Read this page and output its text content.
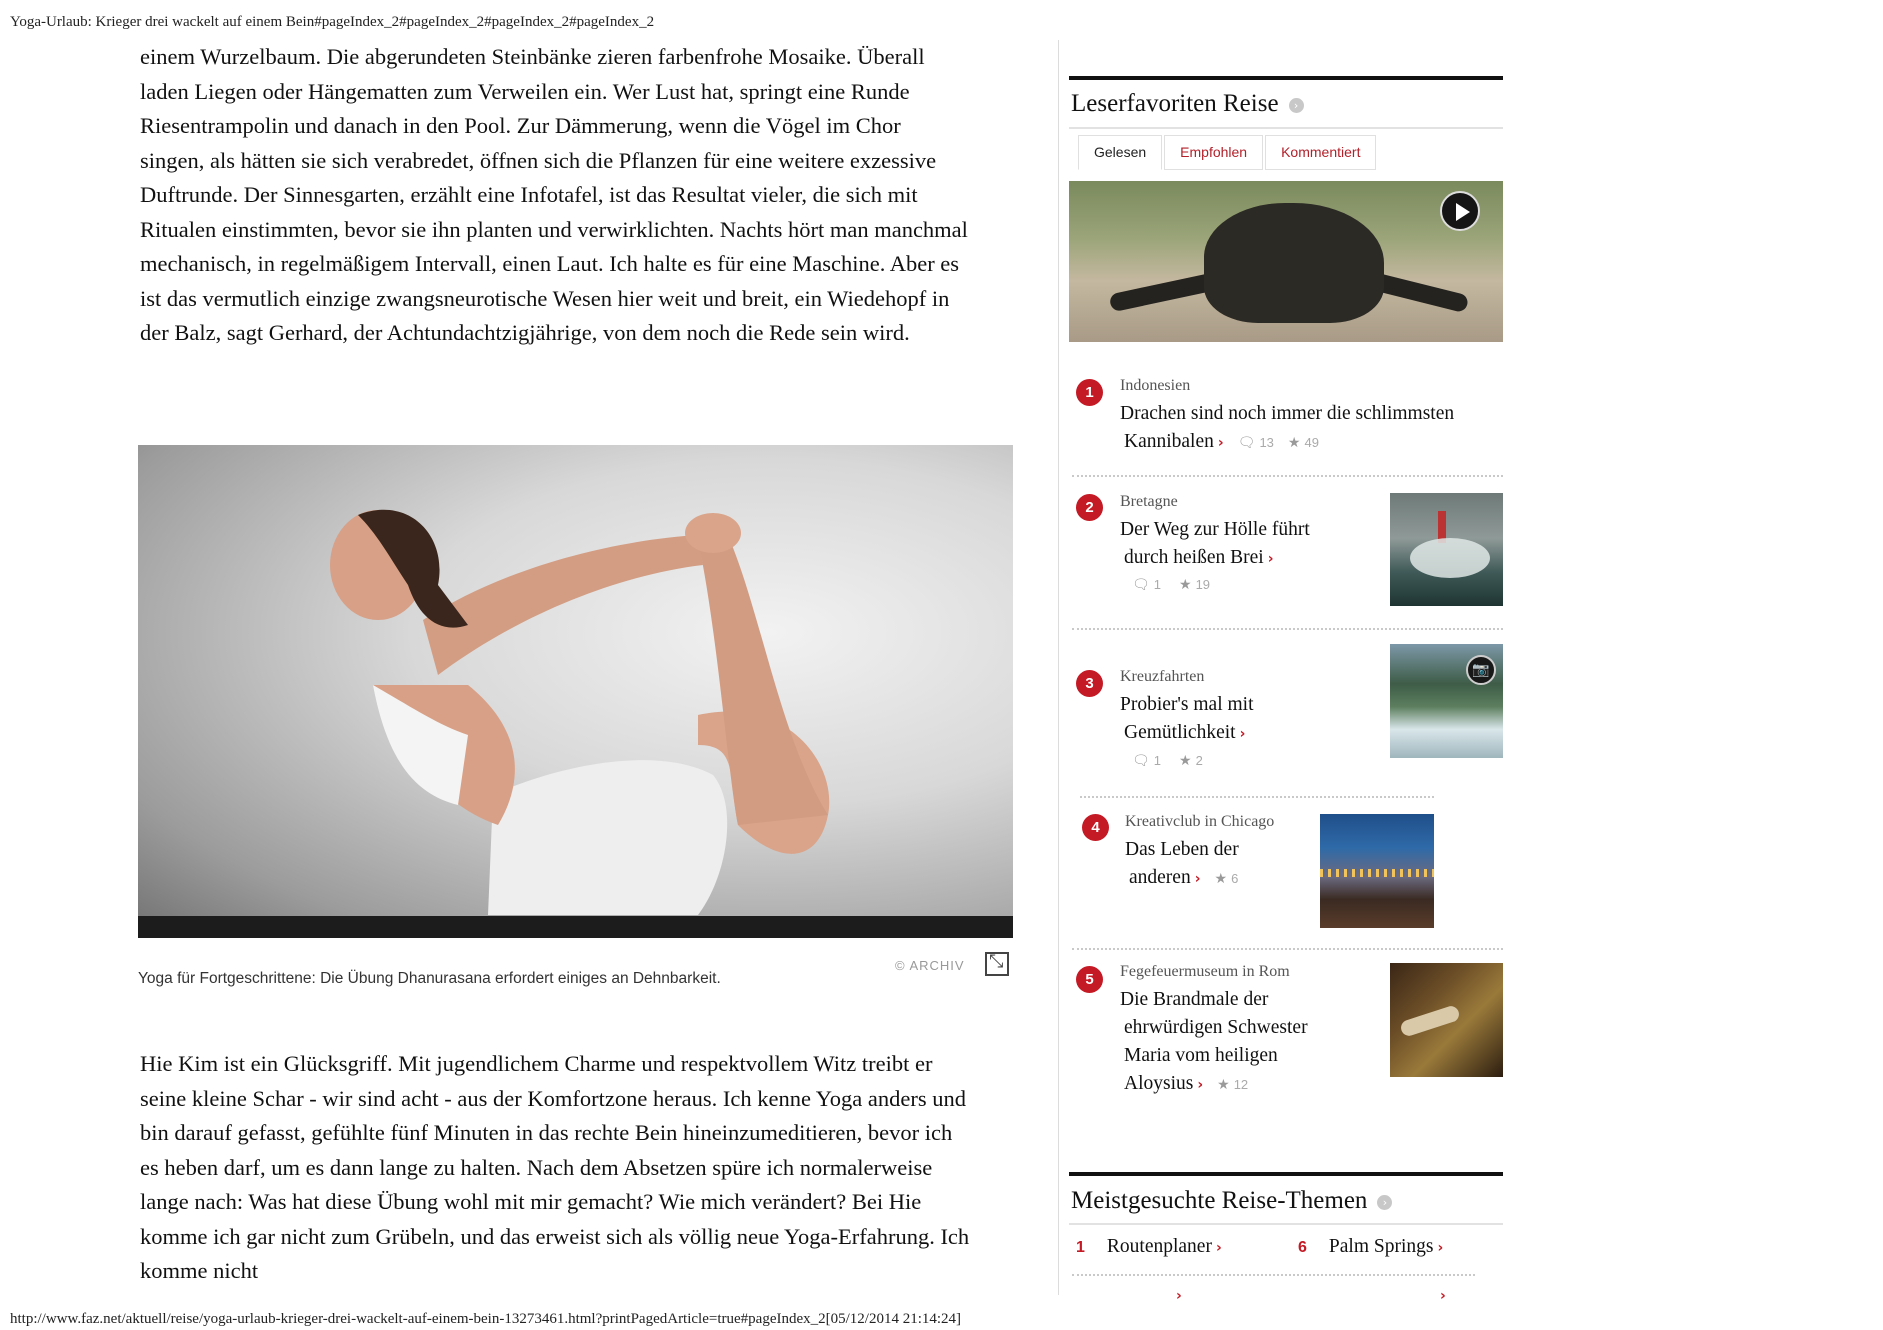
Yoga-Urlaub: Krieger drei wackelt auf einem Bein#pageIndex_2#pageIndex_2#pageIndex_2#pageIndex_2

einem Wurzelbaum. Die abgerundeten Steinbänke zieren farbenfrohe Mosaike. Überall laden Liegen oder Hängematten zum Verweilen ein. Wer Lust hat, springt eine Runde Riesentrampolin und danach in den Pool. Zur Dämmerung, wenn die Vögel im Chor singen, als hätten sie sich verabredet, öffnen sich die Pflanzen für eine weitere exzessive Duftrunde. Der Sinnesgarten, erzählt eine Infotafel, ist das Resultat vieler, die sich mit Ritualen einstimmten, bevor sie ihn planten und verwirklichten. Nachts hört man manchmal mechanisch, in regelmäßigem Intervall, einen Laut. Ich halte es für eine Maschine. Aber es ist das vermutlich einzige zwangsneurotische Wesen hier weit und breit, ein Wiedehopf in der Balz, sagt Gerhard, der Achtundachtzigjährige, von dem noch die Rede sein wird.

Yoga für Fortgeschrittene: Die Übung Dhanurasana erfordert einiges an Dehnbarkeit.
© ARCHIV
⤡

Hie Kim ist ein Glücksgriff. Mit jugendlichem Charme und respektvollem Witz treibt er seine kleine Schar - wir sind acht - aus der Komfortzone heraus. Ich kenne Yoga anders und bin darauf gefasst, gefühlte fünf Minuten in das rechte Bein hineinzumeditieren, bevor ich es heben darf, um es dann lange zu halten. Nach dem Absetzen spüre ich normalerweise lange nach: Was hat diese Übung wohl mit mir gemacht? Wie mich verändert? Bei Hie komme ich gar nicht zum Grübeln, und das erweist sich als völlig neue Yoga-Erfahrung. Ich komme nicht

Leserfavoriten Reise ›
Gelesen	Empfohlen	Kommentiert
1	Indonesien
Drachen sind noch immer die schlimmsten
Kannibalen › 🗨 13 ★ 49
2	Bretagne
Der Weg zur Hölle führt
durch heißen Brei ›
🗨 1 ★ 19
3	Kreuzfahrten
Probier's mal mit
Gemütlichkeit ›
🗨 1 ★ 2
📷
4	Kreativclub in Chicago
Das Leben der
anderen › ★ 6
5	Fegefeuermuseum in Rom
Die Brandmale der
ehrwürdigen Schwester
Maria vom heiligen
Aloysius › ★ 12
Meistgesuchte Reise-Themen ›
1 Routenplaner ›	6 Palm Springs ›
›	›
http://www.faz.net/aktuell/reise/yoga-urlaub-krieger-drei-wackelt-auf-einem-bein-13273461.html?printPagedArticle=true#pageIndex_2[05/12/2014 21:14:24]
